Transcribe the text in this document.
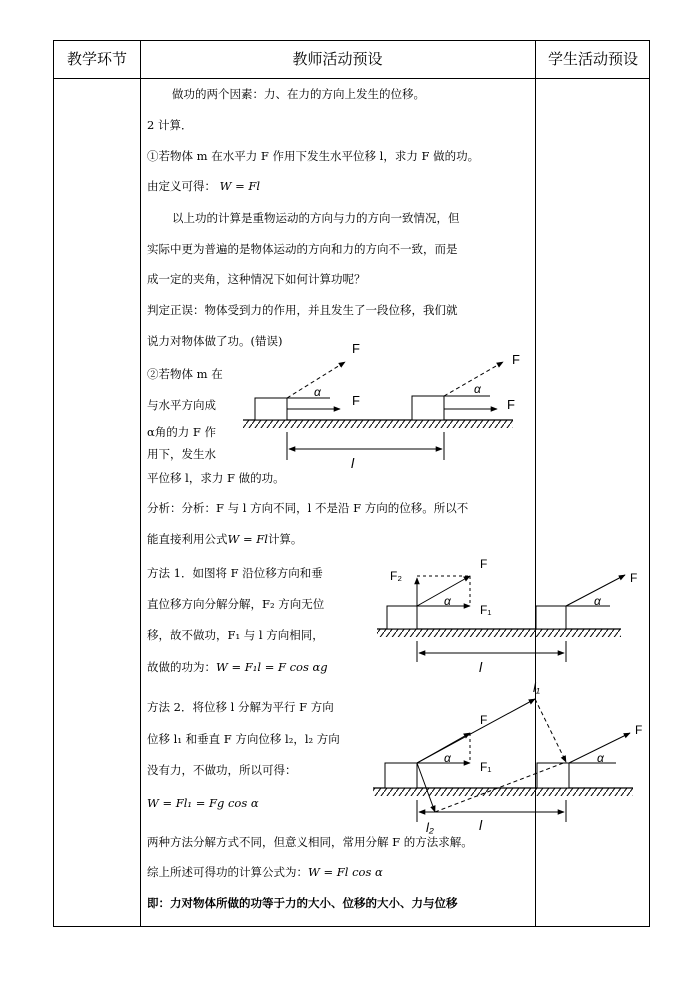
教学环节	教师活动预设	学生活动预设
做功的两个因素：力、在力的方向上发生的位移。
2 计算．
①若物体 m 在水平力 F 作用下发生水平位移 l，求力 F 做的功。
由定义可得： W = Fl
以上功的计算是重物运动的方向与力的方向一致情况，但
实际中更为普遍的是物体运动的方向和力的方向不一致，而是
成一定的夹角，这种情况下如何计算功呢？
判定正误：物体受到力的作用，并且发生了一段位移，我们就
说力对物体做了功。(错误)
②若物体 m 在
与水平方向成
α角的力 F 作
用下，发生水
平位移 l，求力 F 做的功。
分析：分析：F 与 l 方向不同，l 不是沿 F 方向的位移。所以不
能直接利用公式W = Fl计算。
方法 1．如图将 F 沿位移方向和垂
直位移方向分解分解，F₂ 方向无位
移，故不做功，F₁ 与 l 方向相同，
故做的功为：W = F₁l = F cos αg
方法 2．将位移 l 分解为平行 F 方向
位移 l₁ 和垂直 F 方向位移 l₂，l₂ 方向
没有力，不做功，所以可得：
W = Fl₁ = Fg cos α
两种方法分解方式不同，但意义相同，常用分解 F 的方法求解。
综上所述可得功的计算公式为：W = Fl cos α
即：力对物体所做的功等于力的大小、位移的大小、力与位移
F
F
F
F
α	α
l
F₂
F
F₁
F
α	α
l
l₁
F
F₁
F
α	α
l₂	l
